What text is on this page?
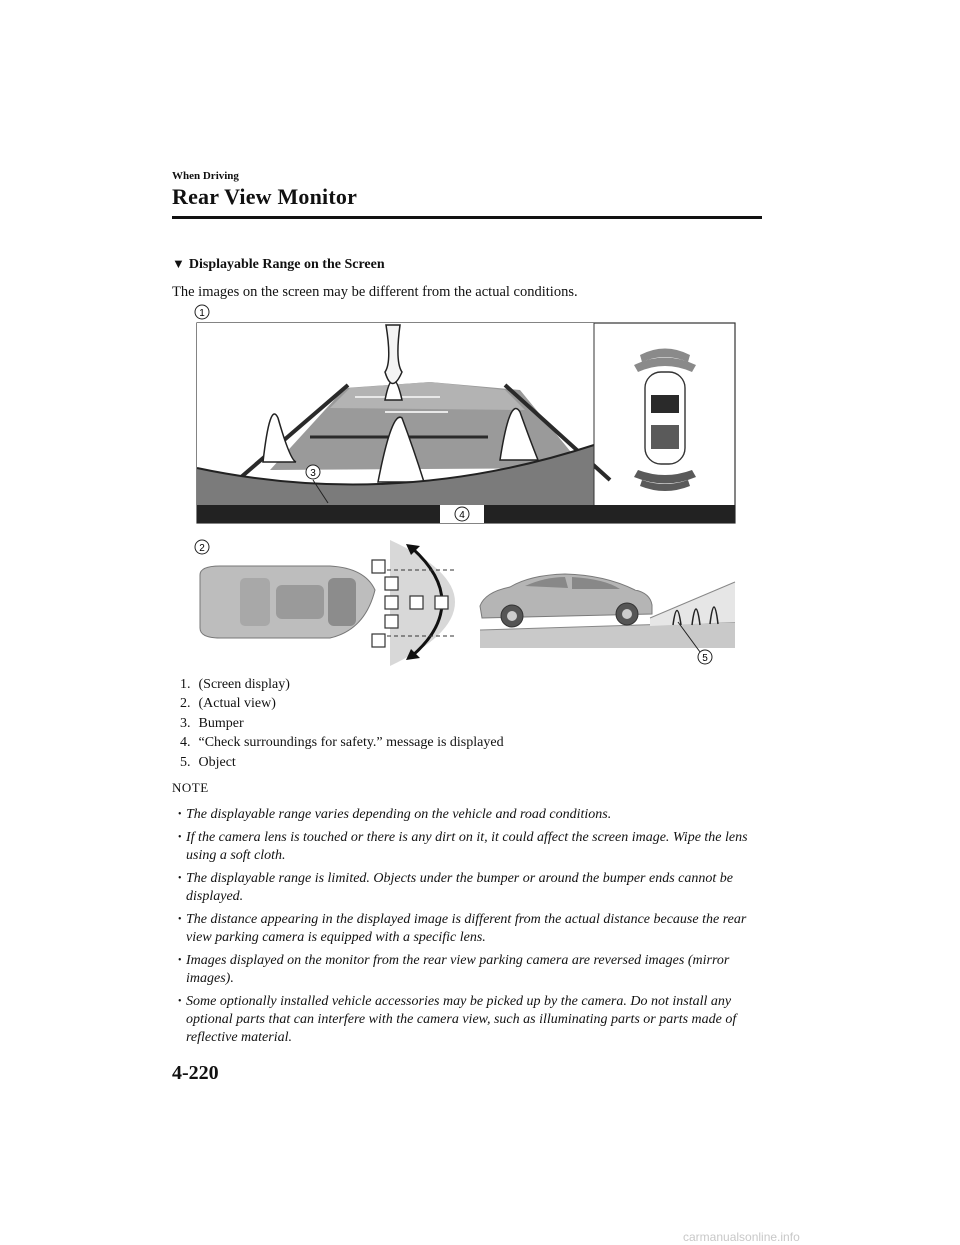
When Driving
Rear View Monitor
▼ Displayable Range on the Screen
The images on the screen may be different from the actual conditions.
1
3
4
2
5
1. (Screen display)
2. (Actual view)
3. Bumper
4. “Check surroundings for safety.” message is displayed
5. Object
NOTE
• The displayable range varies depending on the vehicle and road conditions.
• If the camera lens is touched or there is any dirt on it, it could affect the screen image. Wipe the lens using a soft cloth.
• The displayable range is limited. Objects under the bumper or around the bumper ends cannot be displayed.
• The distance appearing in the displayed image is different from the actual distance because the rear view parking camera is equipped with a specific lens.
• Images displayed on the monitor from the rear view parking camera are reversed images (mirror images).
• Some optionally installed vehicle accessories may be picked up by the camera. Do not install any optional parts that can interfere with the camera view, such as illuminating parts or parts made of reflective material.
4-220
carmanualsonline.info
